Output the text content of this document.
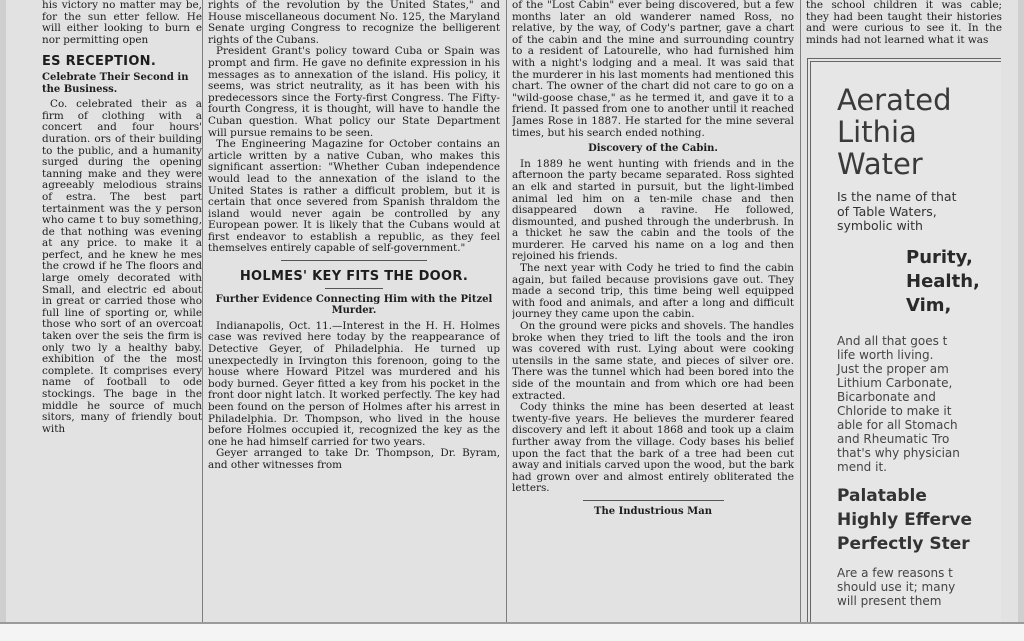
his victory no matter may be, for the sun etter fellow. He will either looking to burn e nor permitting open

ES RECEPTION.
Celebrate Their Second in the Business.

Co. celebrated their as a firm of clothing with a concert and four hours' duration. ors of their building to the public, and a humanity surged during the opening tanning make and they were agreeably melodious strains of estra. The best part tertainment was the y person who came t to buy something, de that nothing was evening at any price. to make it a perfect, and he knew he mes the crowd if he The floors and large omely decorated with Small, and electric ed about in great or carried those who full line of sporting or, while those who sort of an overcoat taken over the seis the firm is only two ly a healthy baby. exhibition of the the most complete. It comprises every name of football to ode stockings. The bage in the middle he source of much sitors, many of friendly bout with

rights of the revolution by the United States," and House miscellaneous document No. 125, the Maryland Senate urging Congress to recognize the belligerent rights of the Cubans.

President Grant's policy toward Cuba or Spain was prompt and firm. He gave no definite expression in his messages as to annexation of the island. His policy, it seems, was strict neutrality, as it has been with his predecessors since the Forty-first Congress. The Fifty-fourth Congress, it is thought, will have to handle the Cuban question. What policy our State Department will pursue remains to be seen.

The Engineering Magazine for October contains an article written by a native Cuban, who makes this significant assertion: "Whether Cuban independence would lead to the annexation of the island to the United States is rather a difficult problem, but it is certain that once severed from Spanish thraldom the island would never again be controlled by any European power. It is likely that the Cubans would at first endeavor to establish a republic, as they feel themselves entirely capable of self-government."

HOLMES' KEY FITS THE DOOR.
Further Evidence Connecting Him with the Pitzel Murder.

Indianapolis, Oct. 11.—Interest in the H. H. Holmes case was revived here today by the reappearance of Detective Geyer, of Philadelphia. He turned up unexpectedly in Irvington this forenoon, going to the house where Howard Pitzel was murdered and his body burned. Geyer fitted a key from his pocket in the front door night latch. It worked perfectly. The key had been found on the person of Holmes after his arrest in Philadelphia. Dr. Thompson, who lived in the house before Holmes occupied it, recognized the key as the one he had himself carried for two years.

Geyer arranged to take Dr. Thompson, Dr. Byram, and other witnesses from

of the "Lost Cabin" ever being discovered, but a few months later an old wanderer named Ross, no relative, by the way, of Cody's partner, gave a chart of the cabin and the mine and surrounding country to a resident of Latourelle, who had furnished him with a night's lodging and a meal. It was said that the murderer in his last moments had mentioned this chart. The owner of the chart did not care to go on a "wild-goose chase," as he termed it, and gave it to a friend. It passed from one to another until it reached James Rose in 1887. He started for the mine several times, but his search ended nothing.

Discovery of the Cabin.

In 1889 he went hunting with friends and in the afternoon the party became separated. Ross sighted an elk and started in pursuit, but the light-limbed animal led him on a ten-mile chase and then disappeared down a ravine. He followed, dismounted, and pushed through the underbrush. In a thicket he saw the cabin and the tools of the murderer. He carved his name on a log and then rejoined his friends.

The next year with Cody he tried to find the cabin again, but failed because provisions gave out. They made a second trip, this time being well equipped with food and animals, and after a long and difficult journey they came upon the cabin.

On the ground were picks and shovels. The handles broke when they tried to lift the tools and the iron was covered with rust. Lying about were cooking utensils in the same state, and pieces of silver ore. There was the tunnel which had been bored into the side of the mountain and from which ore had been extracted.

Cody thinks the mine has been deserted at least twenty-five years. He believes the murderer feared discovery and left it about 1868 and took up a claim further away from the village. Cody bases his belief upon the fact that the bark of a tree had been cut away and initials carved upon the wood, but the bark had grown over and almost entirely obliterated the letters.

The Industrious Man

the school children it was cable; they had been taught their histories and were curious to see it. In the minds had not learned what it was

Aerated
Lithia
Water
Is the name of that
of Table Waters,
symbolic with
Purity,
Health,
Vim,
And all that goes t
life worth living.
Just the proper am
Lithium Carbonate,
Bicarbonate and
Chloride to make it
able for all Stomach
and Rheumatic Tro
that's why physician
mend it.
Palatable
Highly Efferve
Perfectly Ster
Are a few reasons t
should use it; many
will present them
